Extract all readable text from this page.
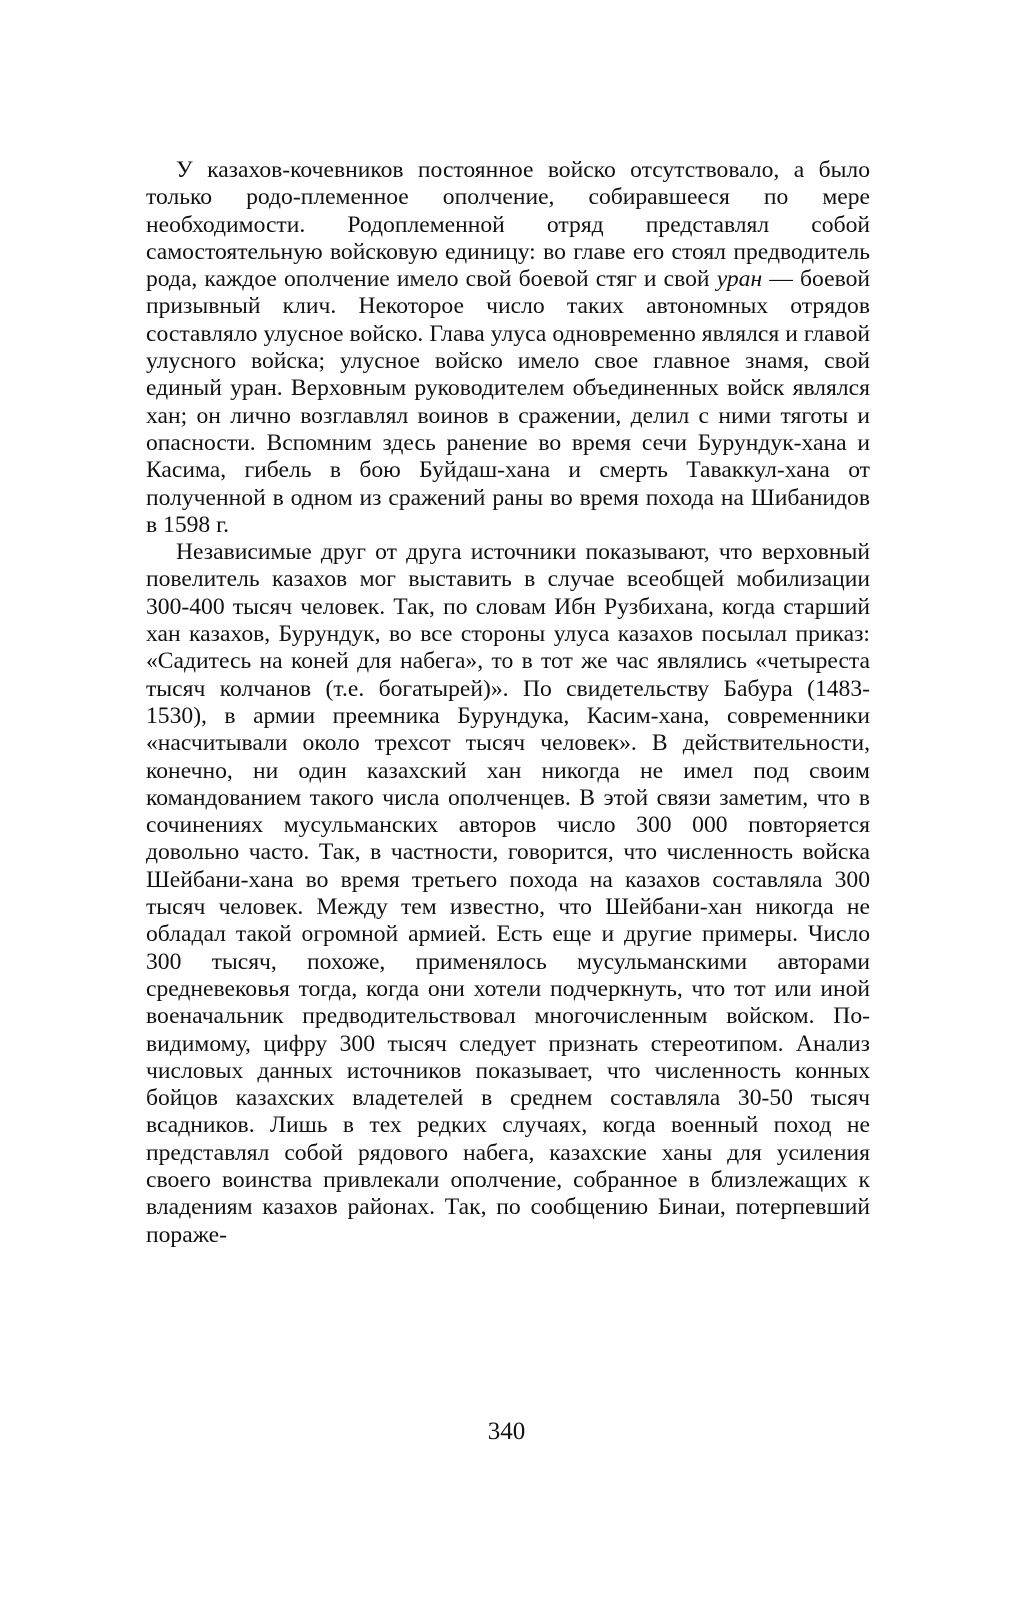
У казахов-кочевников постоянное войско отсутствовало, а было только родо-племенное ополчение, собиравшееся по мере необходимости. Родоплеменной отряд представлял собой самостоятельную войсковую единицу: во главе его стоял предводитель рода, каждое ополчение имело свой боевой стяг и свой уран — боевой призывный клич. Некоторое число таких автономных отрядов составляло улусное войско. Глава улуса одновременно являлся и главой улусного войска; улусное войско имело свое главное знамя, свой единый уран. Верховным руководителем объединенных войск являлся хан; он лично возглавлял воинов в сражении, делил с ними тяготы и опасности. Вспомним здесь ранение во время сечи Бурундук-хана и Касима, гибель в бою Буйдаш-хана и смерть Таваккул-хана от полученной в одном из сражений раны во время похода на Шибанидов в 1598 г.

Независимые друг от друга источники показывают, что верховный повелитель казахов мог выставить в случае всеобщей мобилизации 300-400 тысяч человек. Так, по словам Ибн Рузбихана, когда старший хан казахов, Бурундук, во все стороны улуса казахов посылал приказ: «Садитесь на коней для набега», то в тот же час являлись «четыреста тысяч колчанов (т.е. богатырей)». По свидетельству Бабура (1483-1530), в армии преемника Бурундука, Касим-хана, современники «насчитывали около трехсот тысяч человек». В действительности, конечно, ни один казахский хан никогда не имел под своим командованием такого числа ополченцев. В этой связи заметим, что в сочинениях мусульманских авторов число 300 000 повторяется довольно часто. Так, в частности, говорится, что численность войска Шейбани-хана во время третьего похода на казахов составляла 300 тысяч человек. Между тем известно, что Шейбани-хан никогда не обладал такой огромной армией. Есть еще и другие примеры. Число 300 тысяч, похоже, применялось мусульманскими авторами средневековья тогда, когда они хотели подчеркнуть, что тот или иной военачальник предводительствовал многочисленным войском. По-видимому, цифру 300 тысяч следует признать стереотипом. Анализ числовых данных источников показывает, что численность конных бойцов казахских владетелей в среднем составляла 30-50 тысяч всадников. Лишь в тех редких случаях, когда военный поход не представлял собой рядового набега, казахские ханы для усиления своего воинства привлекали ополчение, собранное в близлежащих к владениям казахов районах. Так, по сообщению Бинаи, потерпевший пораже-

340
